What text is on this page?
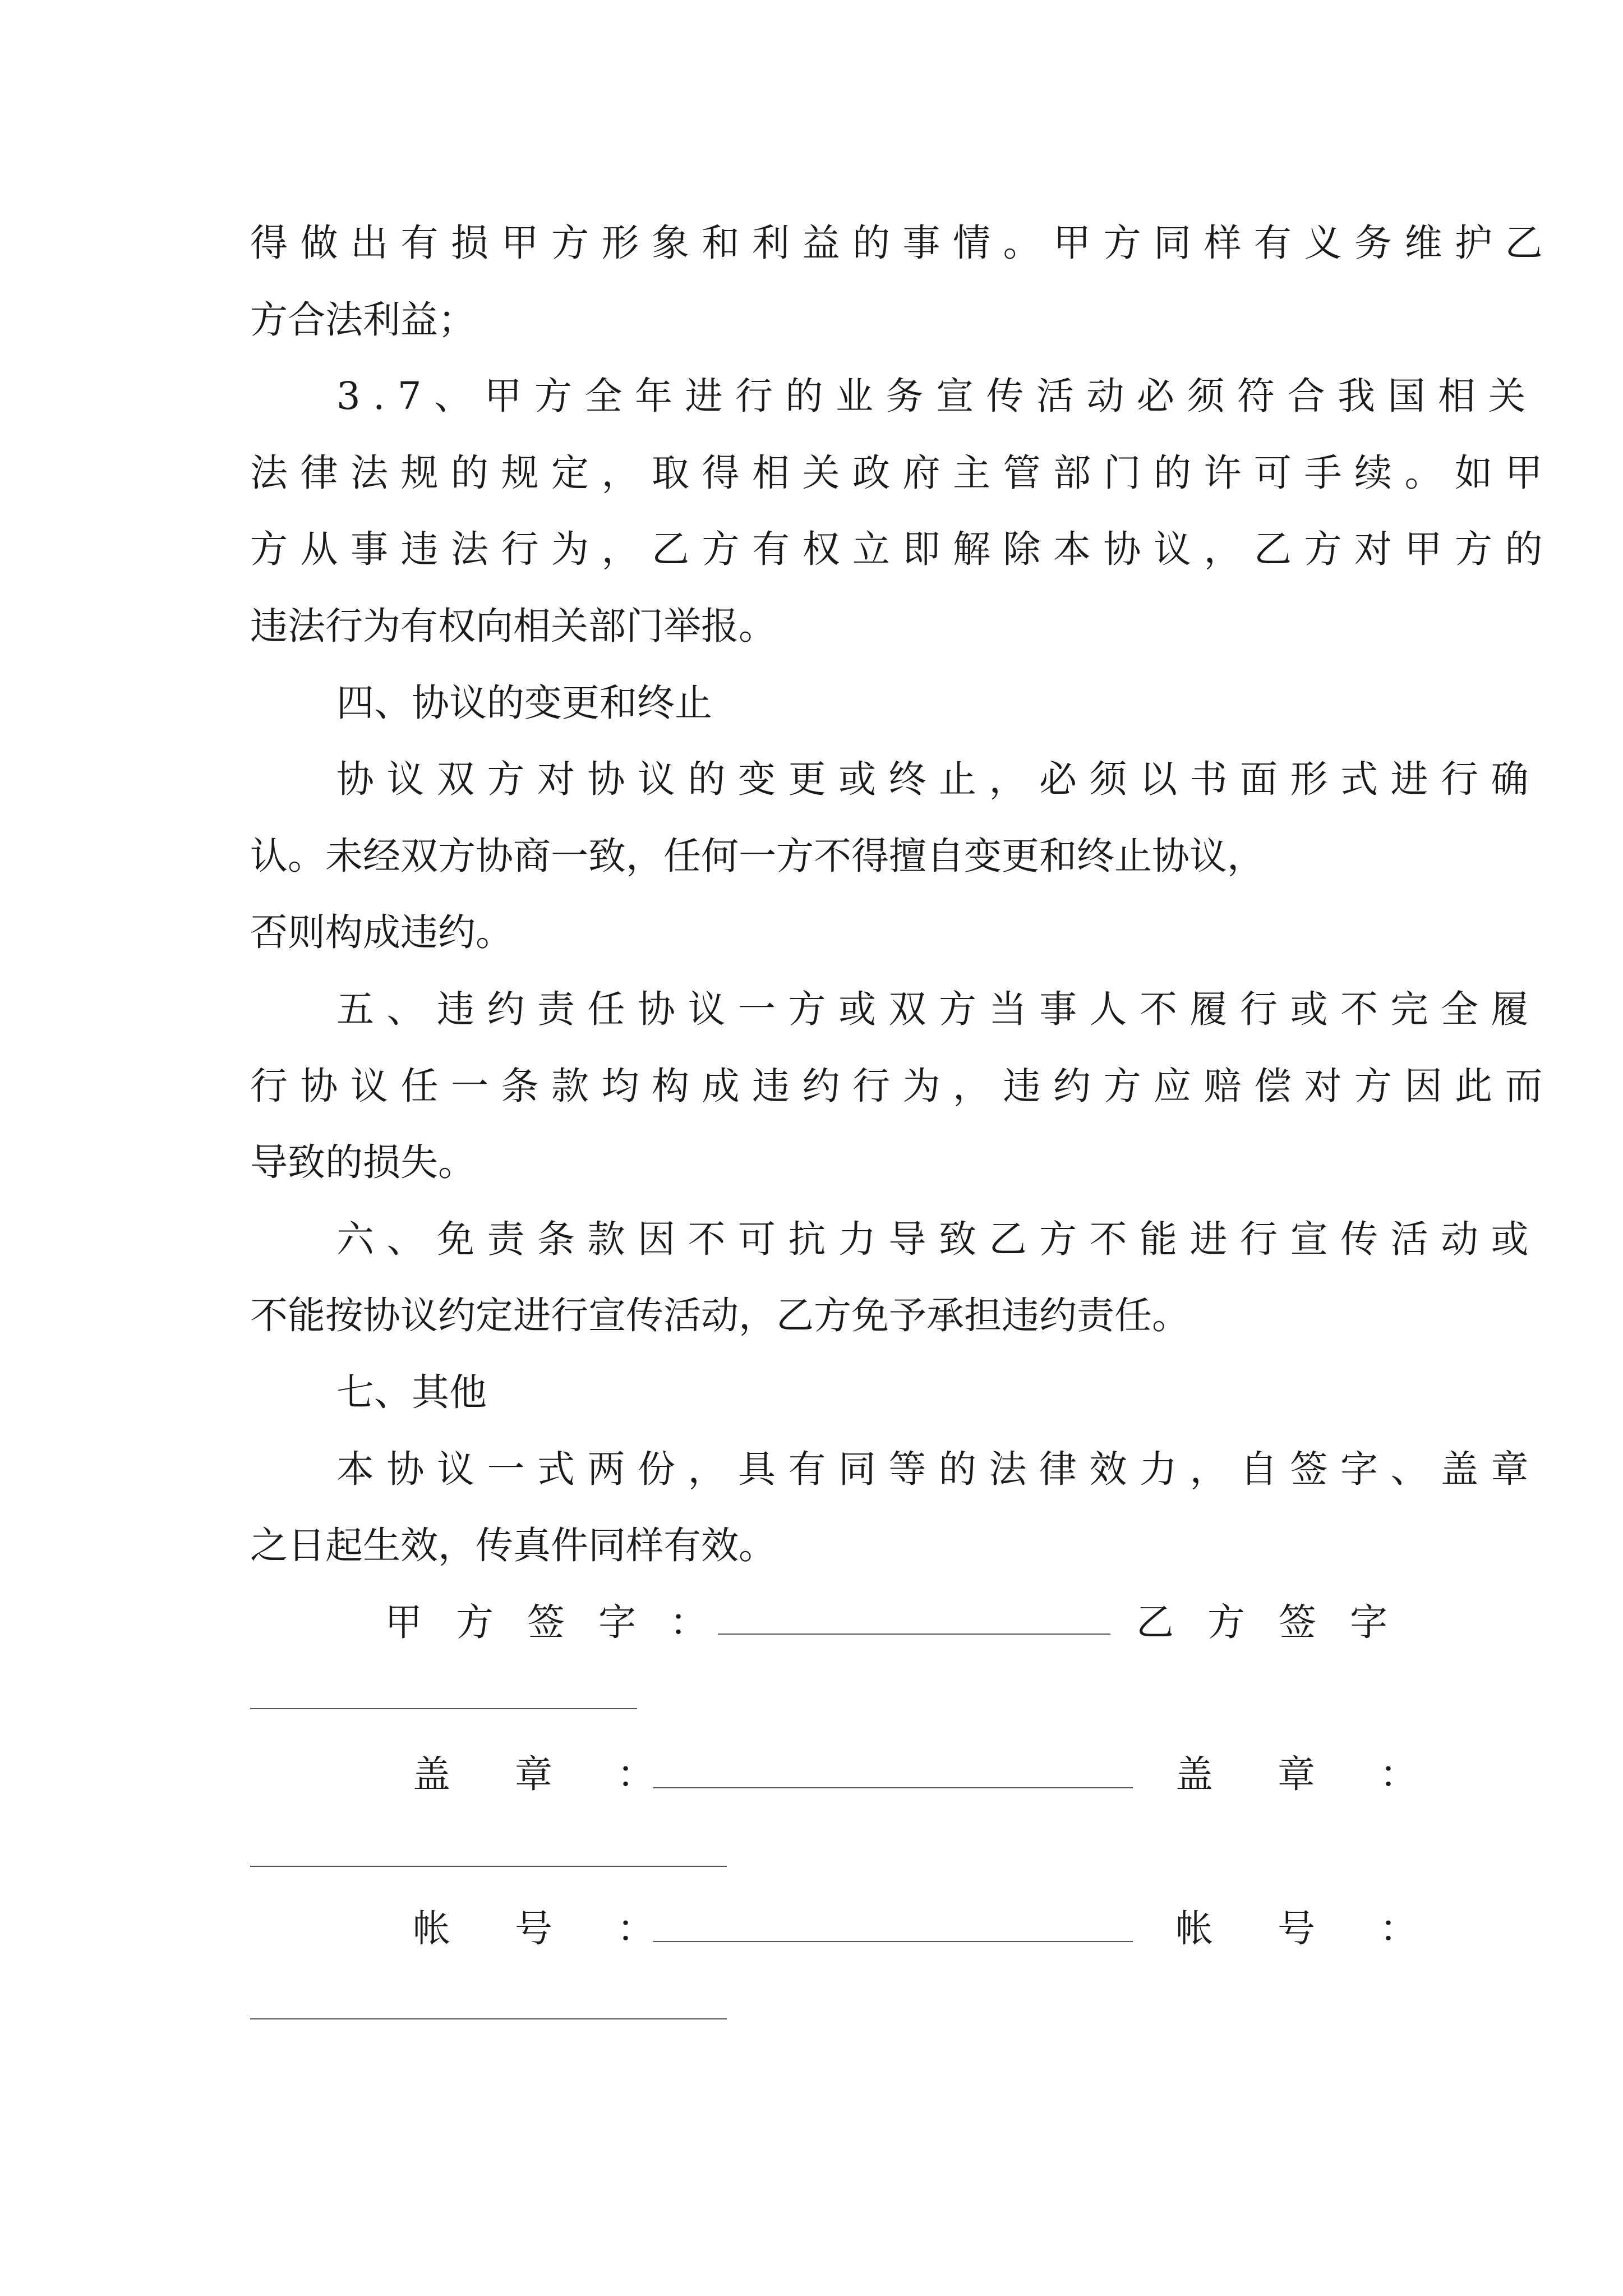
得做出有损甲方形象和利益的事情。甲方同样有义务维护乙
方合法利益；
3.7、甲方全年进行的业务宣传活动必须符合我国相关
法律法规的规定，取得相关政府主管部门的许可手续。如甲
方从事违法行为，乙方有权立即解除本协议，乙方对甲方的
违法行为有权向相关部门举报。
四、协议的变更和终止
协议双方对协议的变更或终止，必须以书面形式进行确
认。未经双方协商一致，任何一方不得擅自变更和终止协议，
否则构成违约。
五、违约责任协议一方或双方当事人不履行或不完全履
行协议任一条款均构成违约行为，违约方应赔偿对方因此而
导致的损失。
六、免责条款因不可抗力导致乙方不能进行宣传活动或
不能按协议约定进行宣传活动，乙方免予承担违约责任。
七、其他
本协议一式两份，具有同等的法律效力，自签字、盖章
之日起生效，传真件同样有效。
甲方签字：	乙方签字
盖章：	盖章：
帐号：	帐号：
